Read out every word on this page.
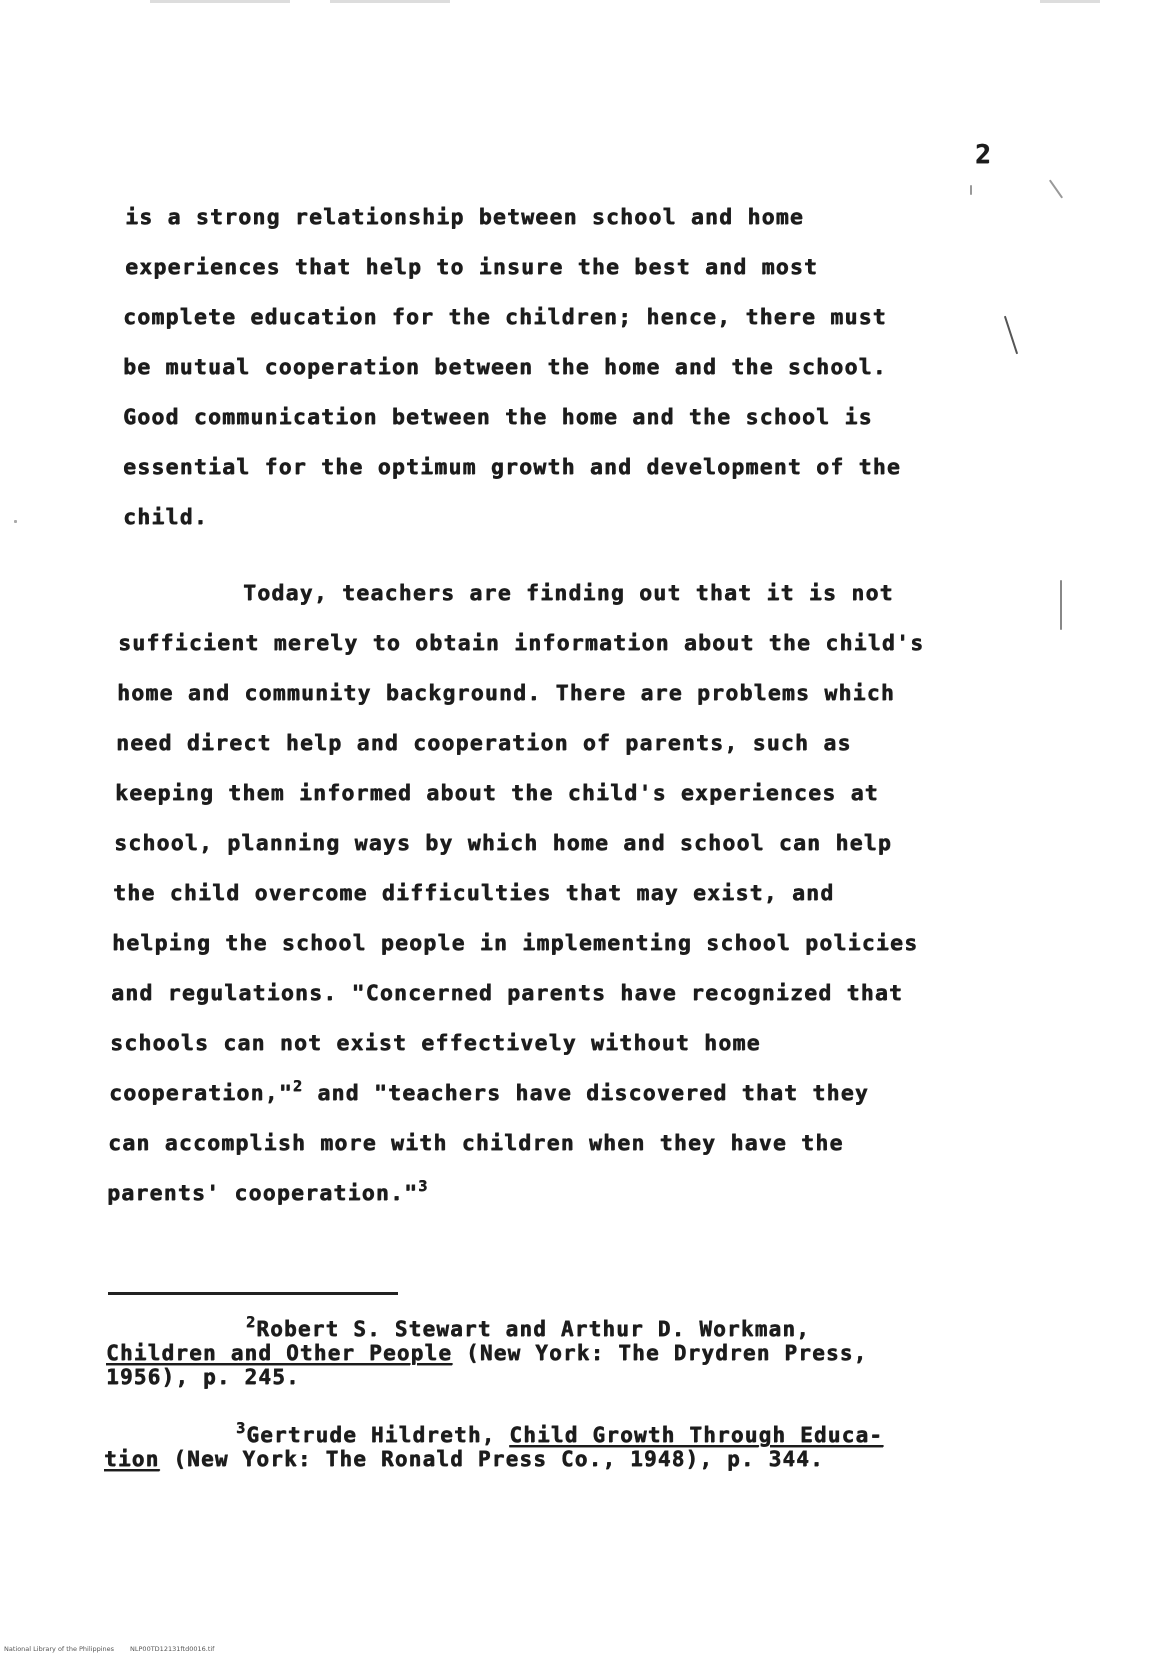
2
is a strong relationship between school and home
experiences that help to insure the best and most
complete education for the children; hence, there must
be mutual cooperation between the home and the school.
Good communication between the home and the school is
essential for the optimum growth and development of the
child.
Today, teachers are finding out that it is not
sufficient merely to obtain information about the child's
home and community background. There are problems which
need direct help and cooperation of parents, such as
keeping them informed about the child's experiences at
school, planning ways by which home and school can help
the child overcome difficulties that may exist, and
helping the school people in implementing school policies
and regulations. "Concerned parents have recognized that
schools can not exist effectively without home
cooperation,"$^2$ and "teachers have discovered that they
can accomplish more with children when they have the
parents' cooperation."$^3$
$^2$Robert S. Stewart and Arthur D. Workman,
Children and Other People (New York: The Drydren Press,
1956), p. 245.
$^3$Gertrude Hildreth, Child Growth Through Educa-
tion (New York: The Ronald Press Co., 1948), p. 344.
National Library of the Philippines NLP00TD12131ftd0016.tif
